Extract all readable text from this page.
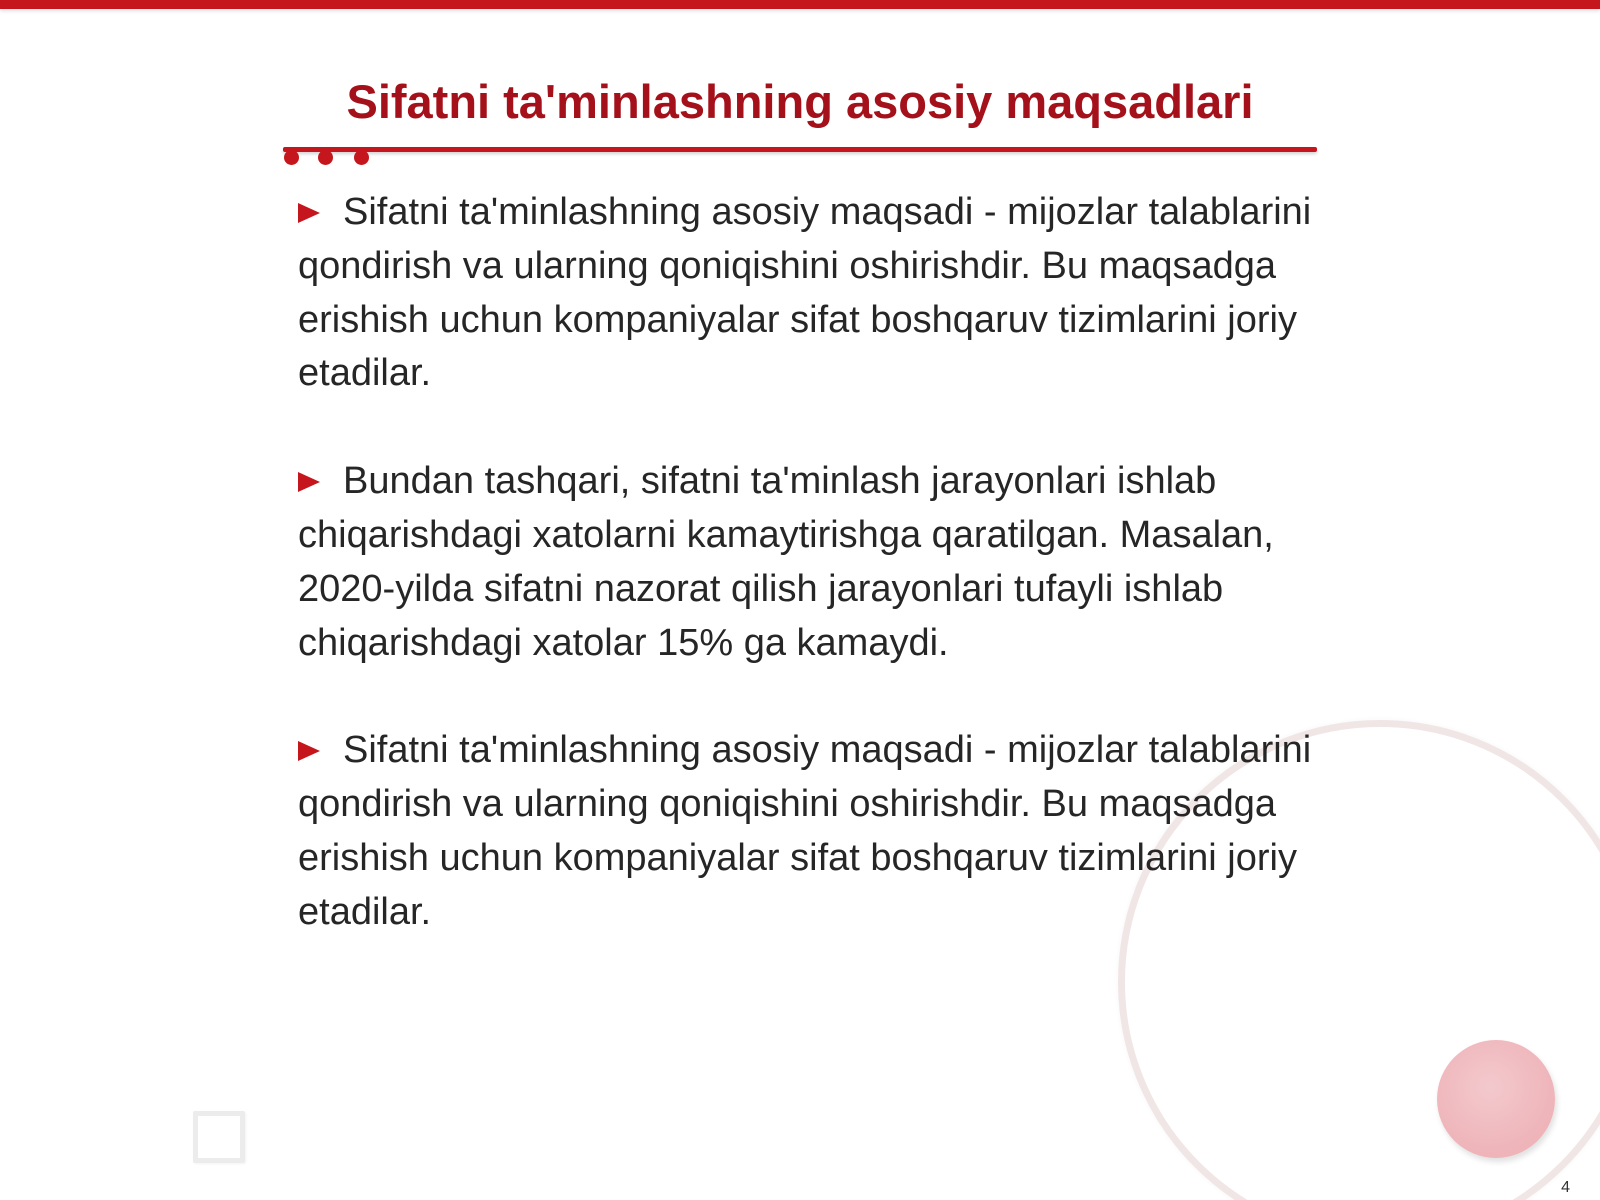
Sifatni ta'minlashning asosiy maqsadlari

Sifatni ta'minlashning asosiy maqsadi - mijozlar talablarini qondirish va ularning qoniqishini oshirishdir. Bu maqsadga erishish uchun kompaniyalar sifat boshqaruv tizimlarini joriy etadilar.

Bundan tashqari, sifatni ta'minlash jarayonlari ishlab chiqarishdagi xatolarni kamaytirishga qaratilgan. Masalan, 2020-yilda sifatni nazorat qilish jarayonlari tufayli ishlab chiqarishdagi xatolar 15% ga kamaydi.

Sifatni ta'minlashning asosiy maqsadi - mijozlar talablarini qondirish va ularning qoniqishini oshirishdir. Bu maqsadga erishish uchun kompaniyalar sifat boshqaruv tizimlarini joriy etadilar.

4
